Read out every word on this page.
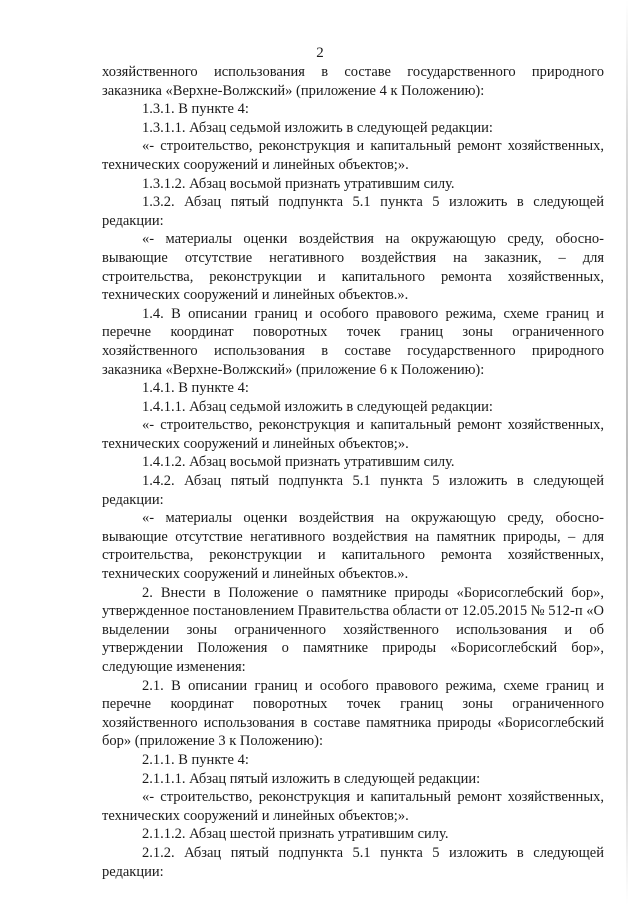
2

хозяйственного использования в составе государственного природного заказника «Верхне-Волжский» (приложение 4 к Положению):

1.3.1. В пункте 4:

1.3.1.1. Абзац седьмой изложить в следующей редакции:

«- строительство, реконструкция и капитальный ремонт хозяйственных, технических сооружений и линейных объектов;».

1.3.1.2. Абзац восьмой признать утратившим силу.

1.3.2. Абзац пятый подпункта 5.1 пункта 5 изложить в следующей редакции:

«- материалы оценки воздействия на окружающую среду, обосно- вывающие отсутствие негативного воздействия на заказник, – для строительства, реконструкции и капитального ремонта хозяйственных, технических сооружений и линейных объектов.».

1.4. В описании границ и особого правового режима, схеме границ и перечне координат поворотных точек границ зоны ограниченного хозяйственного использования в составе государственного природного заказника «Верхне-Волжский» (приложение 6 к Положению):

1.4.1. В пункте 4:

1.4.1.1. Абзац седьмой изложить в следующей редакции:

«- строительство, реконструкция и капитальный ремонт хозяйственных, технических сооружений и линейных объектов;».

1.4.1.2. Абзац восьмой признать утратившим силу.

1.4.2. Абзац пятый подпункта 5.1 пункта 5 изложить в следующей редакции:

«- материалы оценки воздействия на окружающую среду, обосно- вывающие отсутствие негативного воздействия на памятник природы, – для строительства, реконструкции и капитального ремонта хозяйственных, технических сооружений и линейных объектов.».

2. Внести в Положение о памятнике природы «Борисоглебский бор», утвержденное постановлением Правительства области от 12.05.2015 № 512-п «О выделении зоны ограниченного хозяйственного использования и об утверждении Положения о памятнике природы «Борисоглебский бор», следующие изменения:

2.1. В описании границ и особого правового режима, схеме границ и перечне координат поворотных точек границ зоны ограниченного хозяйственного использования в составе памятника природы «Борисоглебский бор» (приложение 3 к Положению):

2.1.1. В пункте 4:

2.1.1.1. Абзац пятый изложить в следующей редакции:

«- строительство, реконструкция и капитальный ремонт хозяйственных, технических сооружений и линейных объектов;».

2.1.1.2. Абзац шестой признать утратившим силу.

2.1.2. Абзац пятый подпункта 5.1 пункта 5 изложить в следующей редакции:
